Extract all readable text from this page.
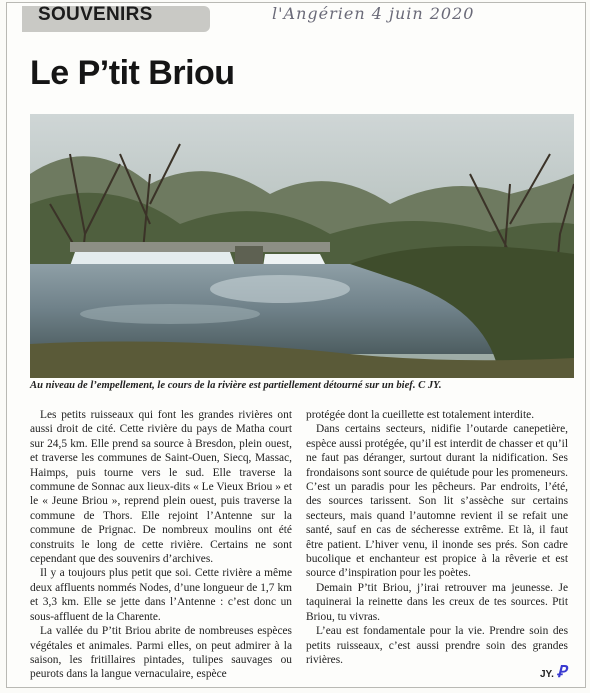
SOUVENIRS	l'Angérien 4 juin 2020
Le P’tit Briou
Au niveau de l’empellement, le cours de la rivière est partiellement détourné sur un bief. C JY.

Les petits ruisseaux qui font les grandes rivières ont aussi droit de cité. Cette rivière du pays de Matha court sur 24,5 km. Elle prend sa source à Bresdon, plein ouest, et traverse les communes de Saint-Ouen, Siecq, Massac, Haimps, puis tourne vers le sud. Elle traverse la commune de Sonnac aux lieux-dits « Le Vieux Briou » et le « Jeune Briou », reprend plein ouest, puis traverse la commune de Thors. Elle rejoint l’Antenne sur la commune de Prignac. De nombreux moulins ont été construits le long de cette rivière. Certains ne sont cependant que des souvenirs d’archives.

Il y a toujours plus petit que soi. Cette rivière a même deux affluents nommés Nodes, d’une longueur de 1,7 km et 3,3 km. Elle se jette dans l’Antenne : c’est donc un sous-affluent de la Charente.

La vallée du P’tit Briou abrite de nombreuses espèces végétales et animales. Parmi elles, on peut admirer à la saison, les fritillaires pintades, tulipes sauvages ou peurots dans la langue vernaculaire, espèce

protégée dont la cueillette est totalement interdite.

Dans certains secteurs, nidifie l’outarde canepetière, espèce aussi protégée, qu’il est interdit de chasser et qu’il ne faut pas déranger, surtout durant la nidification. Ses frondaisons sont source de quiétude pour les promeneurs. C’est un paradis pour les pêcheurs. Par endroits, l’été, des sources tarissent. Son lit s’assèche sur certains secteurs, mais quand l’automne revient il se refait une santé, sauf en cas de sécheresse extrême. Et là, il faut être patient. L’hiver venu, il inonde ses prés. Son cadre bucolique et enchanteur est propice à la rêverie et est source d’inspiration pour les poètes.

Demain P’tit Briou, j’irai retrouver ma jeunesse. Je taquinerai la reinette dans les creux de tes sources. Ptit Briou, tu vivras.

L’eau est fondamentale pour la vie. Prendre soin des petits ruisseaux, c’est aussi prendre soin des grandes rivières.

JY. Ꝑ
